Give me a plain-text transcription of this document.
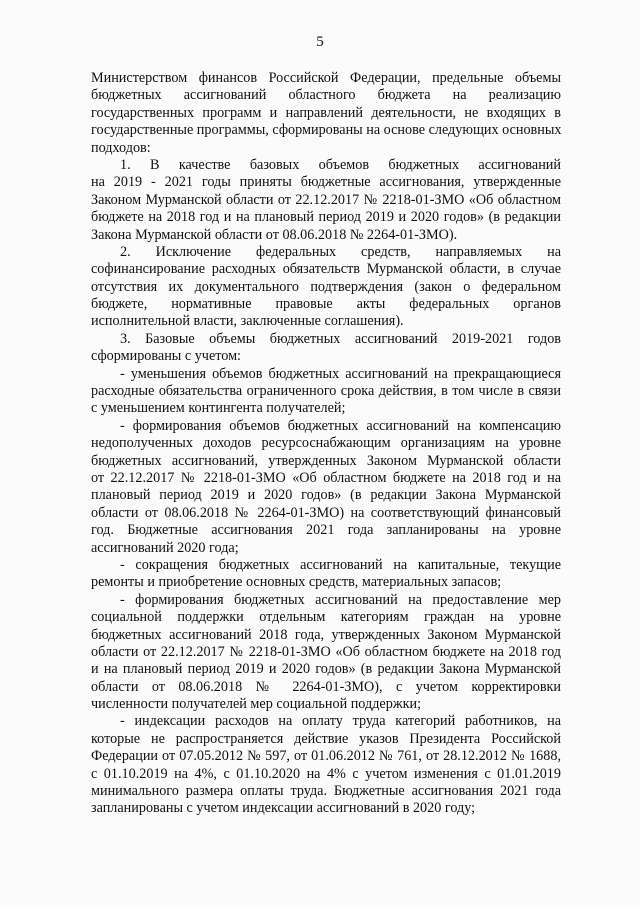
5
Министерством финансов Российской Федерации, предельные объемы
бюджетных ассигнований областного бюджета на реализацию
государственных программ и направлений деятельности, не входящих в
государственные программы, сформированы на основе следующих основных
подходов:
1. В качестве базовых объемов бюджетных ассигнований
на 2019 - 2021 годы приняты бюджетные ассигнования, утвержденные
Законом Мурманской области от 22.12.2017 № 2218-01-ЗМО «Об областном
бюджете на 2018 год и на плановый период 2019 и 2020 годов» (в редакции
Закона Мурманской области от 08.06.2018 № 2264-01-ЗМО).
2. Исключение федеральных средств, направляемых на
софинансирование расходных обязательств Мурманской области, в случае
отсутствия их документального подтверждения (закон о федеральном
бюджете, нормативные правовые акты федеральных органов
исполнительной власти, заключенные соглашения).
3. Базовые объемы бюджетных ассигнований 2019-2021 годов
сформированы с учетом:
- уменьшения объемов бюджетных ассигнований на прекращающиеся
расходные обязательства ограниченного срока действия, в том числе в связи
с уменьшением контингента получателей;
- формирования объемов бюджетных ассигнований на компенсацию
недополученных доходов ресурсоснабжающим организациям на уровне
бюджетных ассигнований, утвержденных Законом Мурманской области
от 22.12.2017 № 2218-01-ЗМО «Об областном бюджете на 2018 год и на
плановый период 2019 и 2020 годов» (в редакции Закона Мурманской
области от 08.06.2018 № 2264-01-ЗМО) на соответствующий финансовый
год. Бюджетные ассигнования 2021 года запланированы на уровне
ассигнований 2020 года;
- сокращения бюджетных ассигнований на капитальные, текущие
ремонты и приобретение основных средств, материальных запасов;
- формирования бюджетных ассигнований на предоставление мер
социальной поддержки отдельным категориям граждан на уровне
бюджетных ассигнований 2018 года, утвержденных Законом Мурманской
области от 22.12.2017 № 2218-01-ЗМО «Об областном бюджете на 2018 год
и на плановый период 2019 и 2020 годов» (в редакции Закона Мурманской
области от 08.06.2018 № 2264-01-ЗМО), с учетом корректировки
численности получателей мер социальной поддержки;
- индексации расходов на оплату труда категорий работников, на
которые не распространяется действие указов Президента Российской
Федерации от 07.05.2012 № 597, от 01.06.2012 № 761, от 28.12.2012 № 1688,
с 01.10.2019 на 4%, с 01.10.2020 на 4% с учетом изменения с 01.01.2019
минимального размера оплаты труда. Бюджетные ассигнования 2021 года
запланированы с учетом индексации ассигнований в 2020 году;
